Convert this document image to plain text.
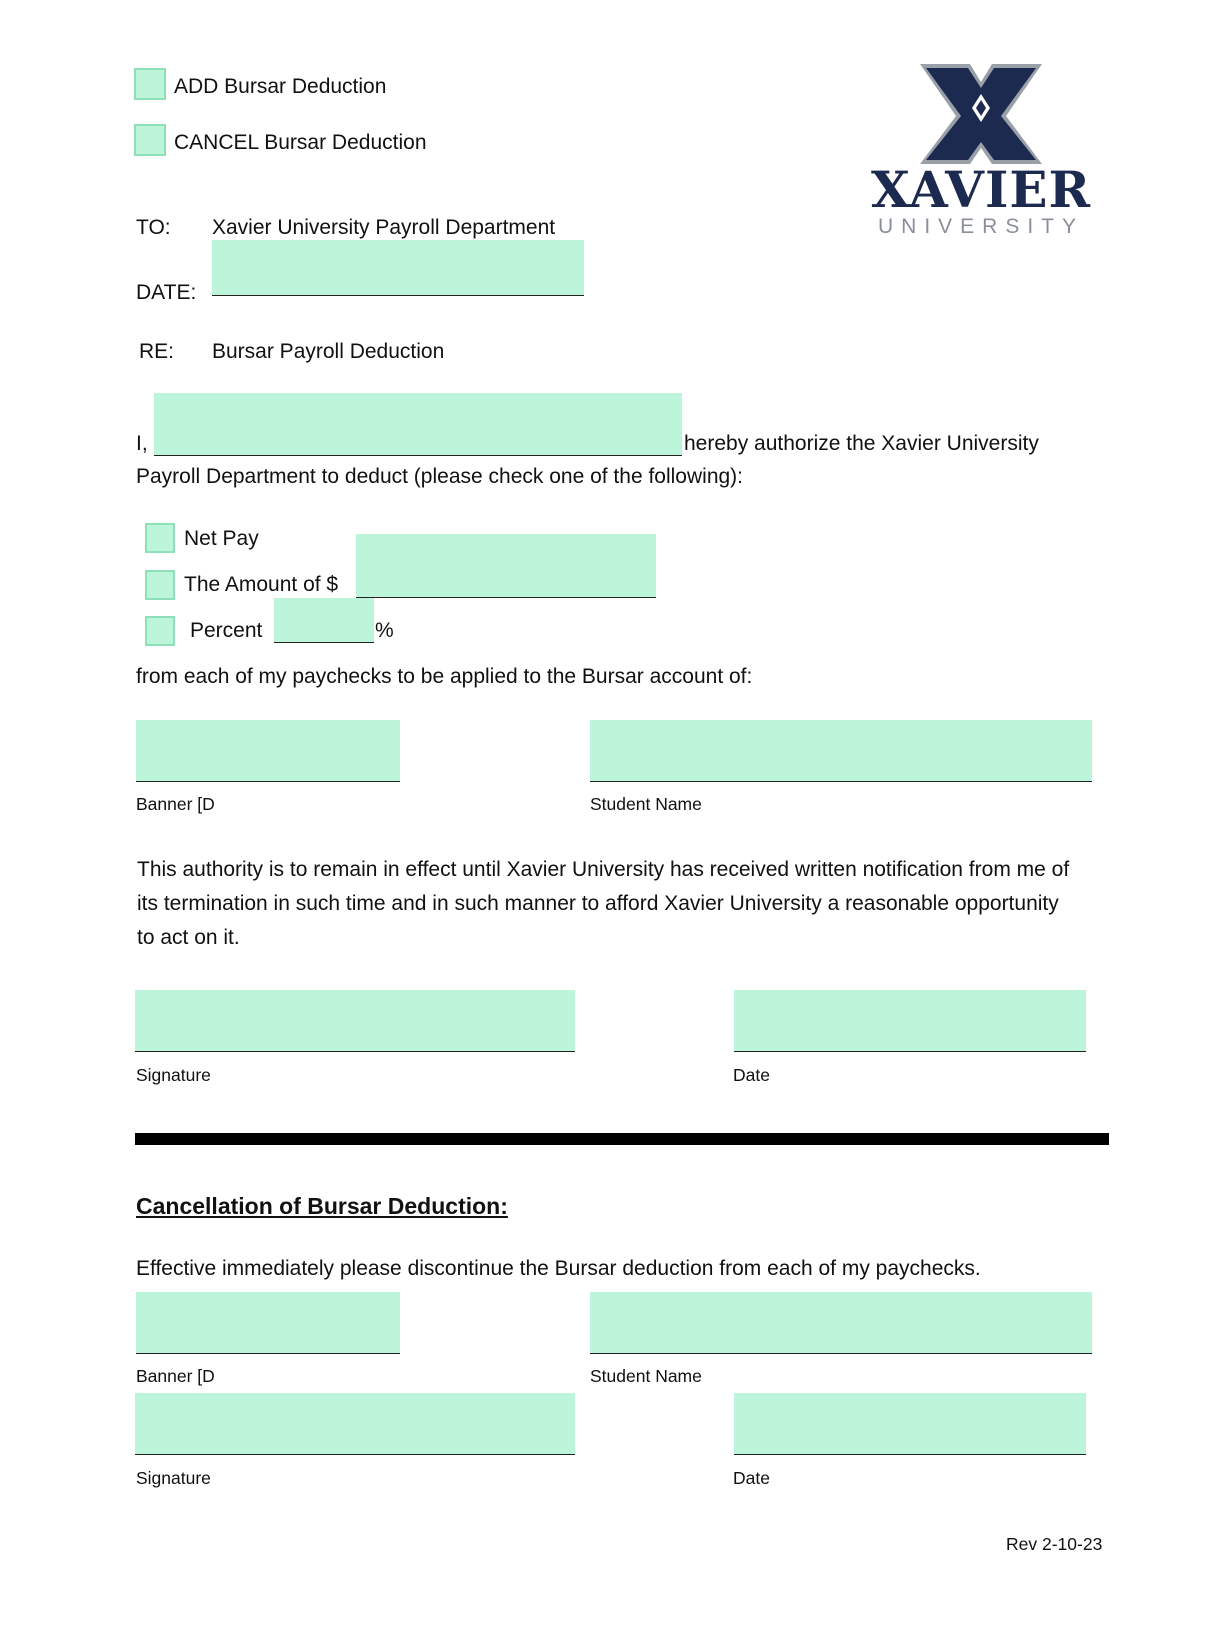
ADD Bursar Deduction
CANCEL Bursar Deduction
XAVIER
UNIVERSITY
TO: Xavier University Payroll Department
DATE:
RE: Bursar Payroll Deduction
I,	hereby authorize the Xavier University
Payroll Department to deduct (please check one of the following):
Net Pay
The Amount of $
Percent	%
from each of my paychecks to be applied to the Bursar account of:
Banner [D	Student Name
This authority is to remain in effect until Xavier University has received written notification from me of its termination in such time and in such manner to afford Xavier University a reasonable opportunity to act on it.
Signature	Date
Cancellation of Bursar Deduction:
Effective immediately please discontinue the Bursar deduction from each of my paychecks.
Banner [D	Student Name
Signature	Date
Rev 2-10-23
